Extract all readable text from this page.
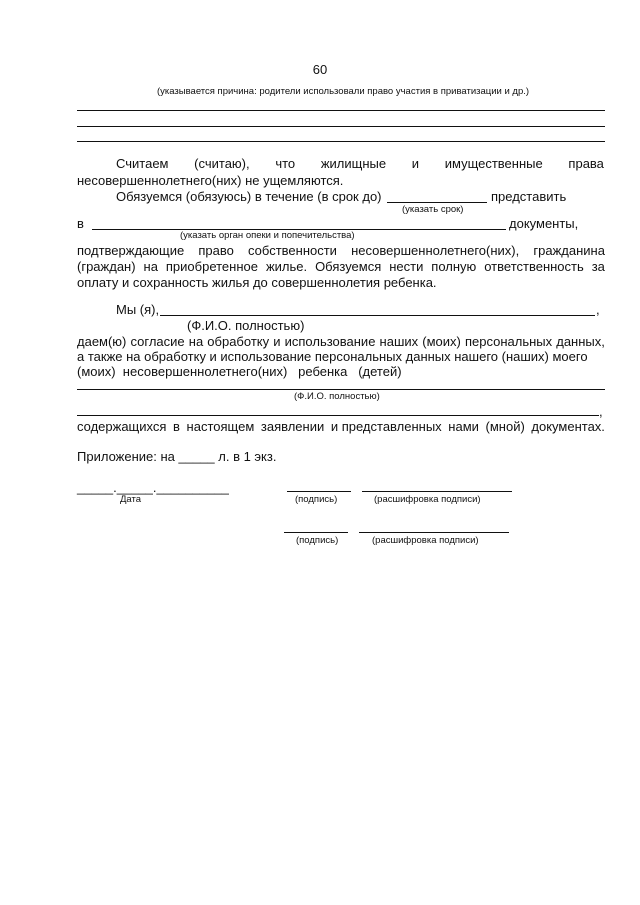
60
(указывается причина: родители использовали право участия в приватизации и др.)
Считаем (считаю), что жилищные и имущественные права
несовершеннолетнего(них) не ущемляются.
Обязуемся (обязуюсь) в течение (в срок до)	представить
(указать срок)
в	документы,
(указать орган опеки и попечительства)
подтверждающие право собственности несовершеннолетнего(них), гражданина
(граждан) на приобретенное жилье. Обязуемся нести полную ответственность за
оплату и сохранность жилья до совершеннолетия ребенка.
Мы (я),	,
(Ф.И.О. полностью)
даем(ю) согласие на обработку и использование наших (моих) персональных данных,
а также на обработку и использование персональных данных нашего (наших) моего
(моих)  несовершеннолетнего(них)   ребенка   (детей)
(Ф.И.О. полностью)
,
содержащихся в настоящем заявлении и представленных нами (мной) документах.
Приложение: на _____ л. в 1 экз.
_____._____.__________
Дата	(подпись)	(расшифровка подписи)
(подпись)	(расшифровка подписи)
